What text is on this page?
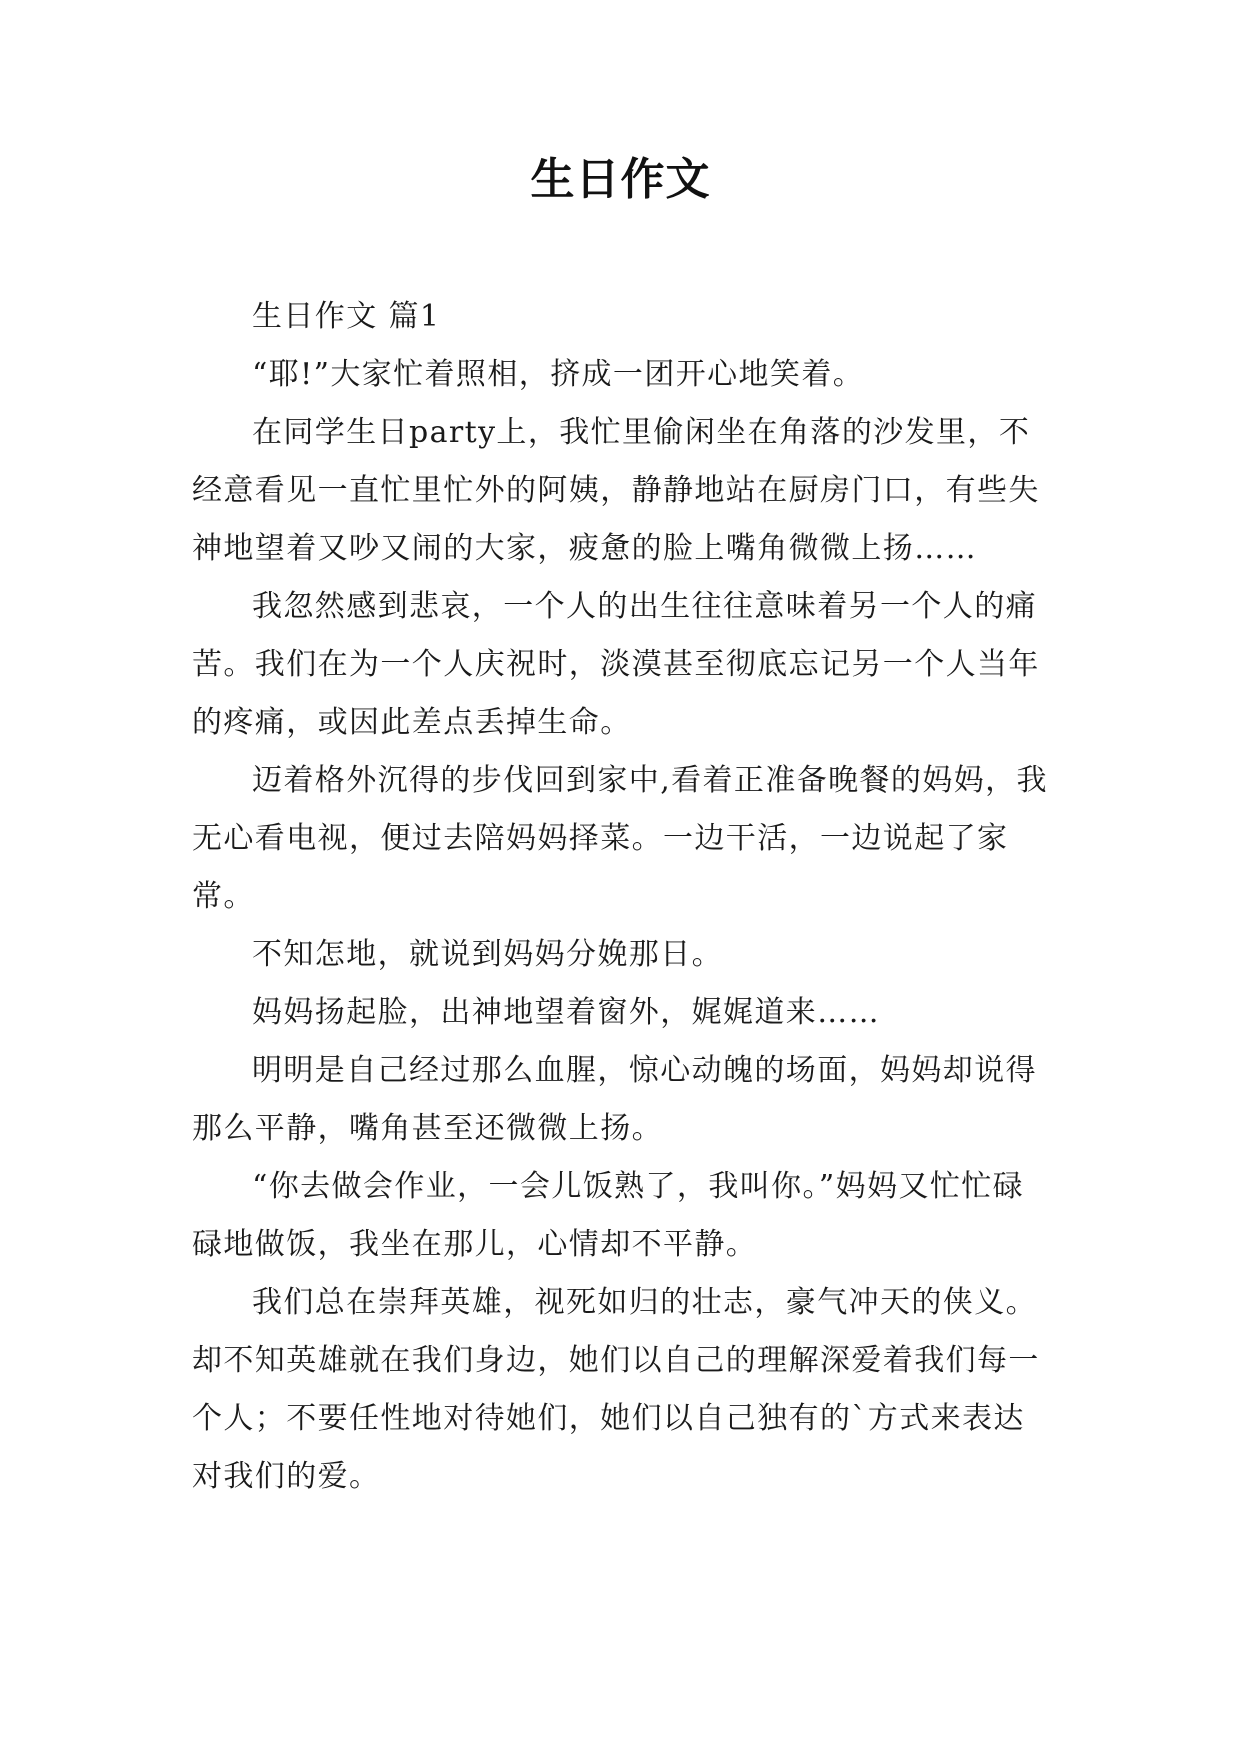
生日作文

生日作文 篇1

“耶!”大家忙着照相，挤成一团开心地笑着。

在同学生日party上，我忙里偷闲坐在角落的沙发里，不经意看见一直忙里忙外的阿姨，静静地站在厨房门口，有些失神地望着又吵又闹的大家，疲惫的脸上嘴角微微上扬……

我忽然感到悲哀，一个人的出生往往意味着另一个人的痛苦。我们在为一个人庆祝时，淡漠甚至彻底忘记另一个人当年的疼痛，或因此差点丢掉生命。

迈着格外沉得的步伐回到家中,看着正准备晚餐的妈妈，我无心看电视，便过去陪妈妈择菜。一边干活，一边说起了家常。

不知怎地，就说到妈妈分娩那日。

妈妈扬起脸，出神地望着窗外，娓娓道来……

明明是自己经过那么血腥，惊心动魄的场面，妈妈却说得那么平静，嘴角甚至还微微上扬。

“你去做会作业，一会儿饭熟了，我叫你。”妈妈又忙忙碌碌地做饭，我坐在那儿，心情却不平静。

我们总在崇拜英雄，视死如归的壮志，豪气冲天的侠义。却不知英雄就在我们身边，她们以自己的理解深爱着我们每一个人；不要任性地对待她们，她们以自己独有的`方式来表达对我们的爱。
